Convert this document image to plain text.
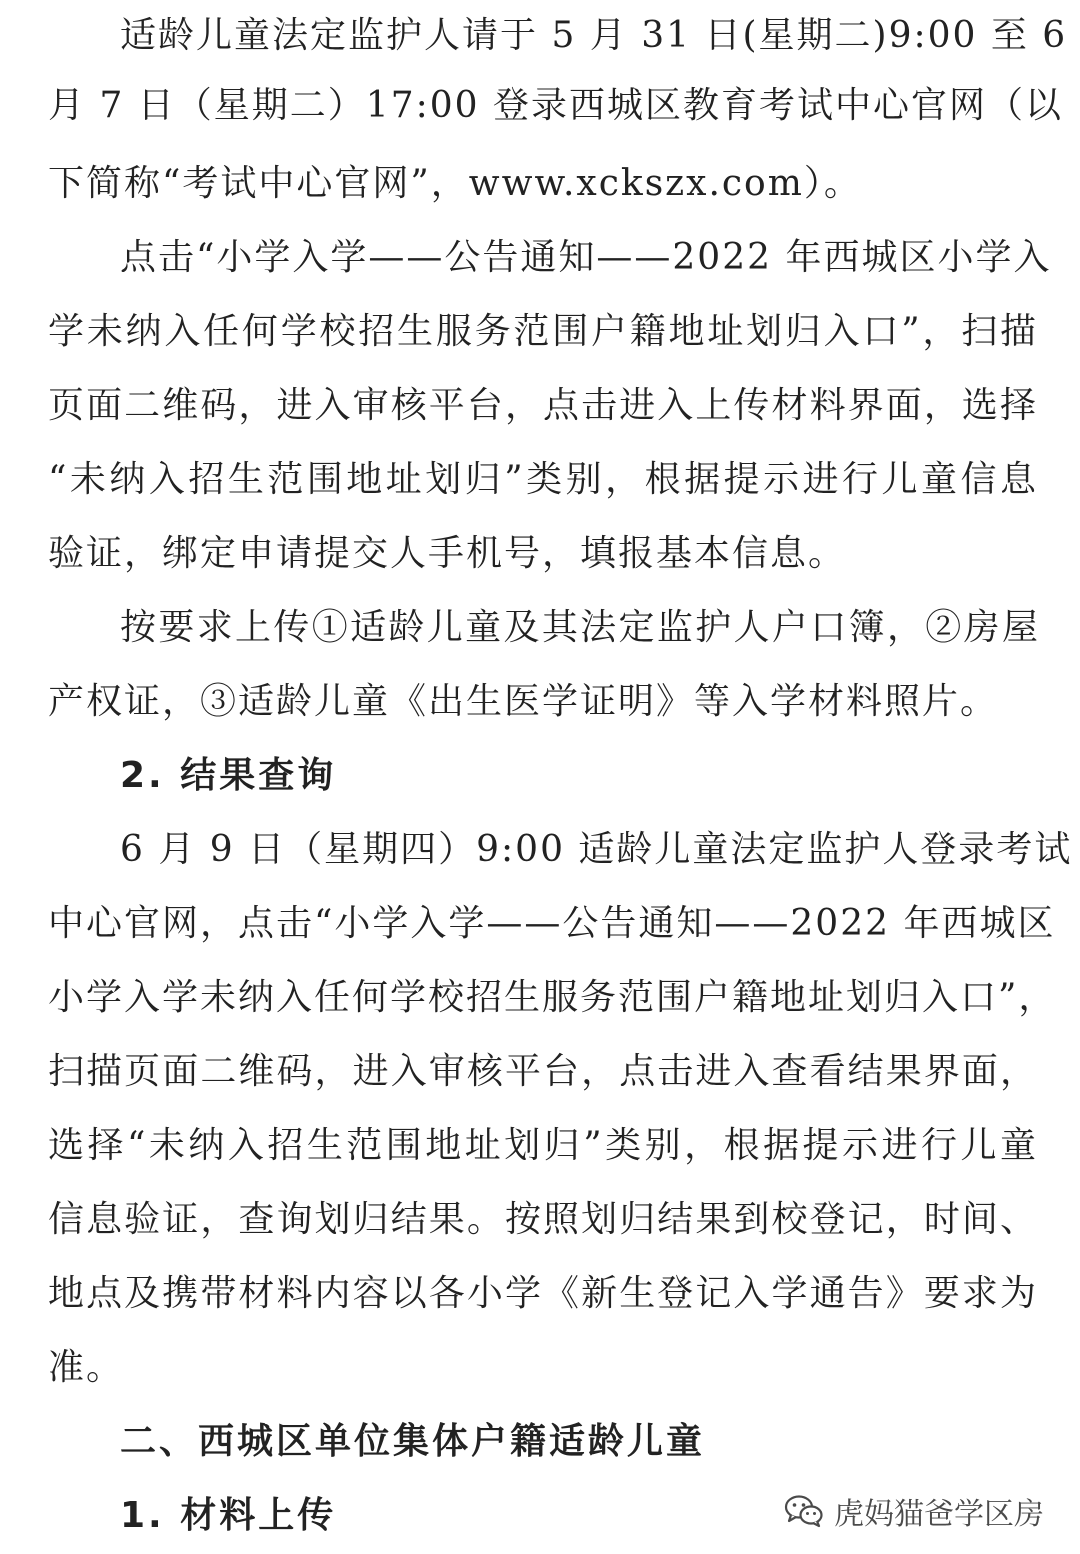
适龄儿童法定监护人请于 5 月 31 日(星期二)9:00 至 6
月 7 日（星期二）17:00 登录西城区教育考试中心官网（以
下简称“考试中心官网”，www.xckszx.com）。
点击“小学入学——公告通知——2022 年西城区小学入
学未纳入任何学校招生服务范围户籍地址划归入口”，扫描
页面二维码，进入审核平台，点击进入上传材料界面，选择
“未纳入招生范围地址划归”类别，根据提示进行儿童信息
验证，绑定申请提交人手机号，填报基本信息。
按要求上传①适龄儿童及其法定监护人户口簿，②房屋
产权证，③适龄儿童《出生医学证明》等入学材料照片。
2. 结果查询
6 月 9 日（星期四）9:00 适龄儿童法定监护人登录考试
中心官网，点击“小学入学——公告通知——2022 年西城区
小学入学未纳入任何学校招生服务范围户籍地址划归入口”，
扫描页面二维码，进入审核平台，点击进入查看结果界面，
选择“未纳入招生范围地址划归”类别，根据提示进行儿童
信息验证，查询划归结果。按照划归结果到校登记，时间、
地点及携带材料内容以各小学《新生登记入学通告》要求为
准。
二、西城区单位集体户籍适龄儿童
1. 材料上传	虎妈猫爸学区房
